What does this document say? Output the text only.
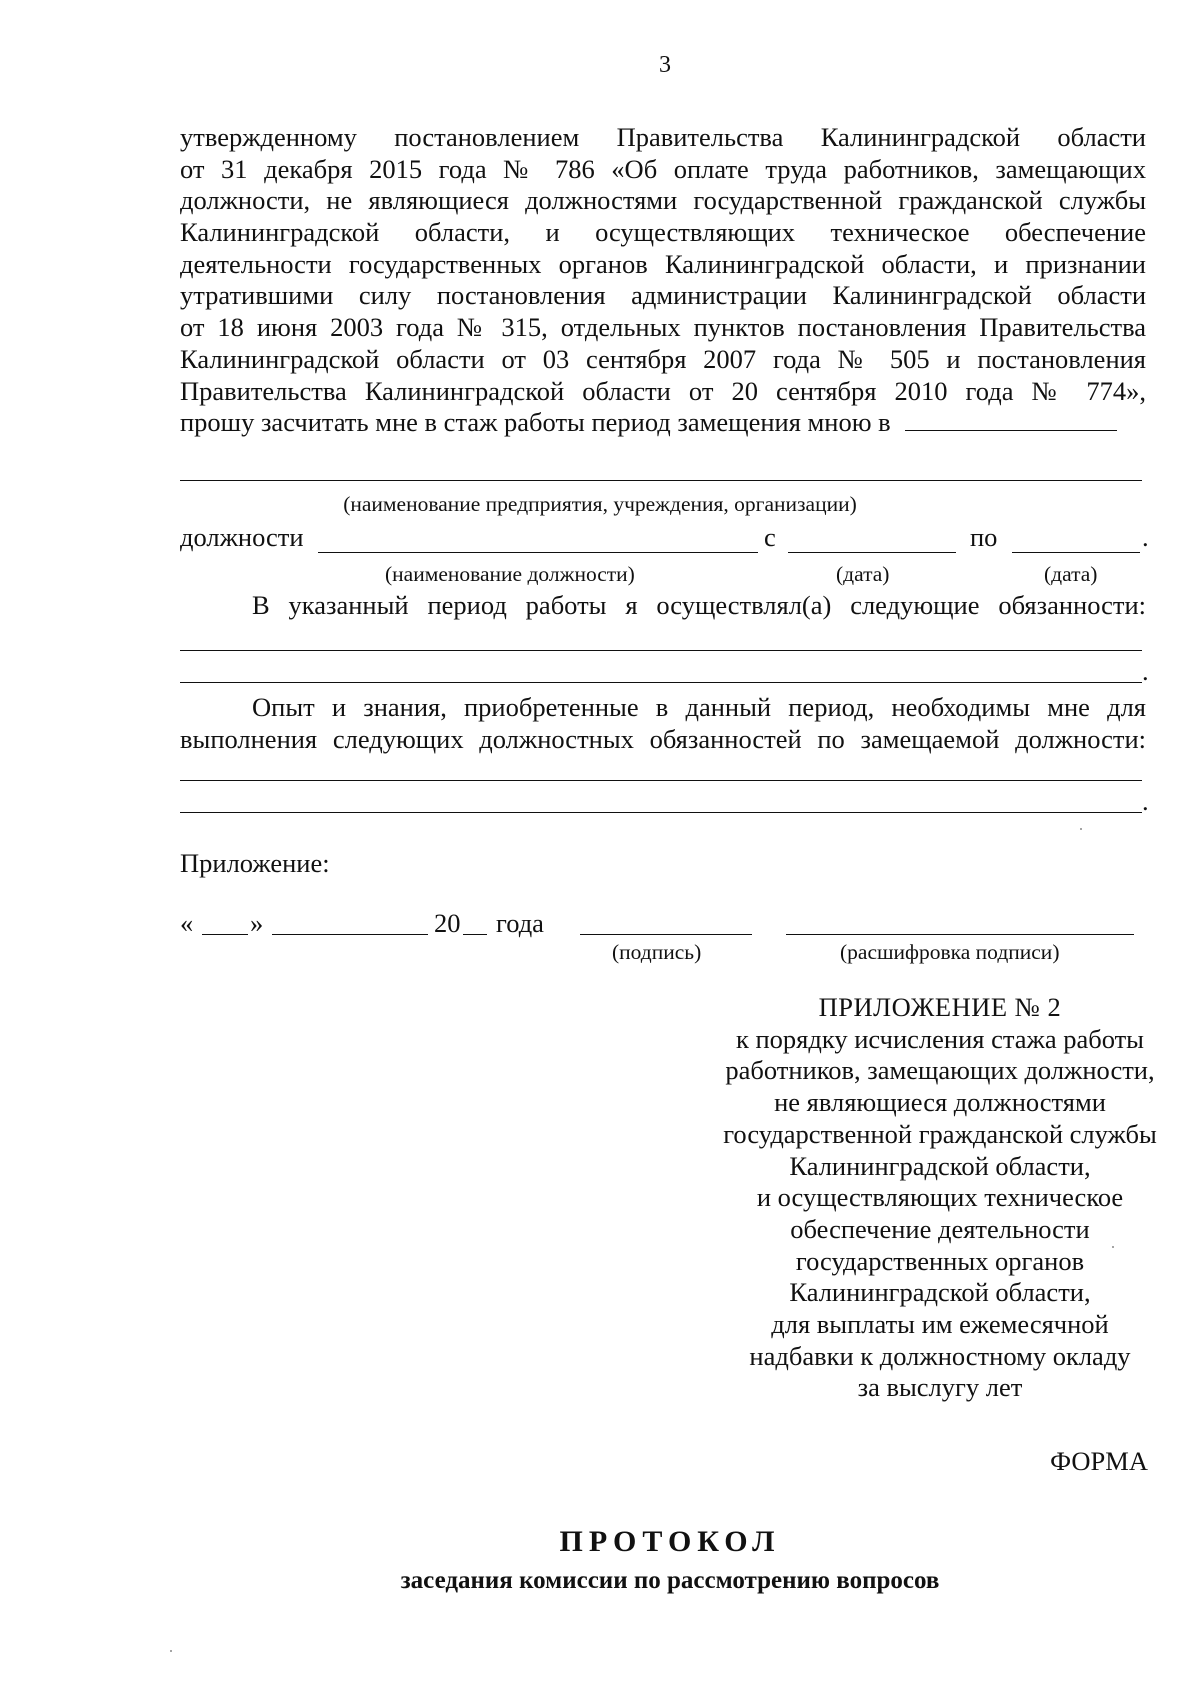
3
утвержденному постановлением Правительства Калининградской области
от 31 декабря 2015 года № 786 «Об оплате труда работников, замещающих
должности, не являющиеся должностями государственной гражданской службы
Калининградской области, и осуществляющих техническое обеспечение
деятельности государственных органов Калининградской области, и признании
утратившими силу постановления администрации Калининградской области
от 18 июня 2003 года № 315, отдельных пунктов постановления Правительства
Калининградской области от 03 сентября 2007 года № 505 и постановления
Правительства Калининградской области от 20 сентября 2010 года № 774»,
прошу засчитать мне в стаж работы период замещения мною в
(наименование предприятия, учреждения, организации)
должности	с	по	.
(наименование должности)	(дата)	(дата)
В указанный период работы я осуществлял(а) следующие обязанности:
.
Опыт и знания, приобретенные в данный период, необходимы мне для
выполнения следующих должностных обязанностей по замещаемой должности:
.
Приложение:
« »	20 года
(подпись)	(расшифровка подписи)
ПРИЛОЖЕНИЕ № 2
к порядку исчисления стажа работы
работников, замещающих должности,
не являющиеся должностями
государственной гражданской службы
Калининградской области,
и осуществляющих техническое
обеспечение деятельности
государственных органов
Калининградской области,
для выплаты им ежемесячной
надбавки к должностному окладу
за выслугу лет
ФОРМА
ПРОТОКОЛ
заседания комиссии по рассмотрению вопросов
